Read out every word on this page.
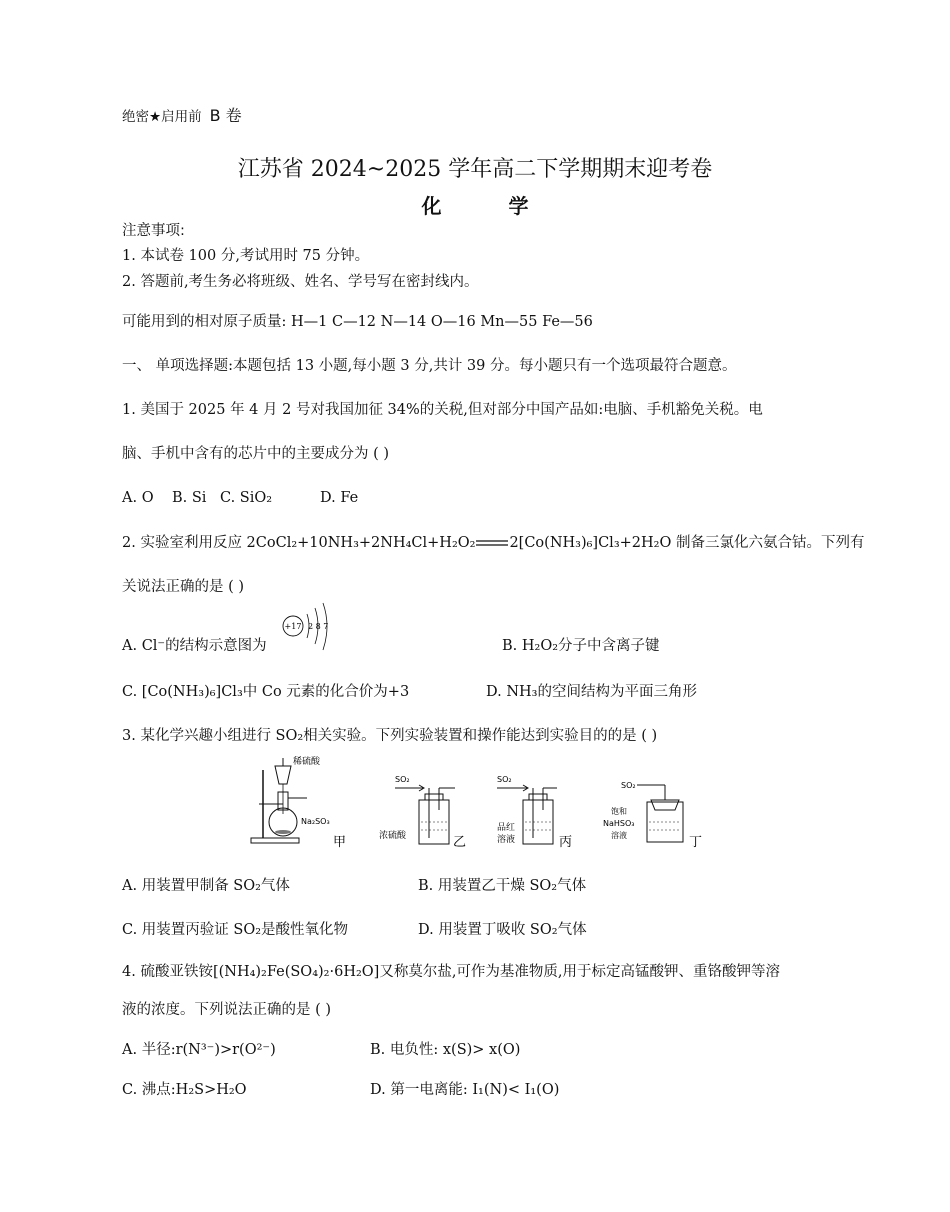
绝密★启用前 B 卷
江苏省 2024~2025 学年高二下学期期末迎考卷
化 学
注意事项:
1. 本试卷 100 分,考试用时 75 分钟。
2. 答题前,考生务必将班级、姓名、学号写在密封线内。
可能用到的相对原子质量: H—1 C—12 N—14 O—16 Mn—55 Fe—56
一、 单项选择题:本题包括 13 小题,每小题 3 分,共计 39 分。每小题只有一个选项最符合题意。
1. 美国于 2025 年 4 月 2 号对我国加征 34%的关税,但对部分中国产品如:电脑、手机豁免关税。电
脑、手机中含有的芯片中的主要成分为 ( )
A. O B. Si C. SiO₂	D. Fe
2. 实验室利用反应 2CoCl₂+10NH₃+2NH₄Cl+H₂O₂ 2[Co(NH₃)₆]Cl₃+2H₂O 制备三氯化六氨合钴。下列有
关说法正确的是 ( )
A. Cl⁻的结构示意图为
+17 2 8 7
B. H₂O₂分子中含离子键
C. [Co(NH₃)₆]Cl₃中 Co 元素的化合价为+3	D. NH₃的空间结构为平面三角形
3. 某化学兴趣小组进行 SO₂相关实验。下列实验装置和操作能达到实验目的的是 ( )
稀硫酸
Na₂SO₃
甲
SO₂
浓硫酸	乙
SO₂
品红
溶液	丙
SO₂
饱和
NaHSO₃
溶液	丁
A. 用装置甲制备 SO₂气体	B. 用装置乙干燥 SO₂气体
C. 用装置丙验证 SO₂是酸性氧化物	D. 用装置丁吸收 SO₂气体
4. 硫酸亚铁铵[(NH₄)₂Fe(SO₄)₂·6H₂O]又称莫尔盐,可作为基准物质,用于标定高锰酸钾、重铬酸钾等溶
液的浓度。下列说法正确的是 ( )
A. 半径:r(N³⁻)>r(O²⁻)	B. 电负性: x(S)> x(O)
C. 沸点:H₂S>H₂O	D. 第一电离能: I₁(N)< I₁(O)
